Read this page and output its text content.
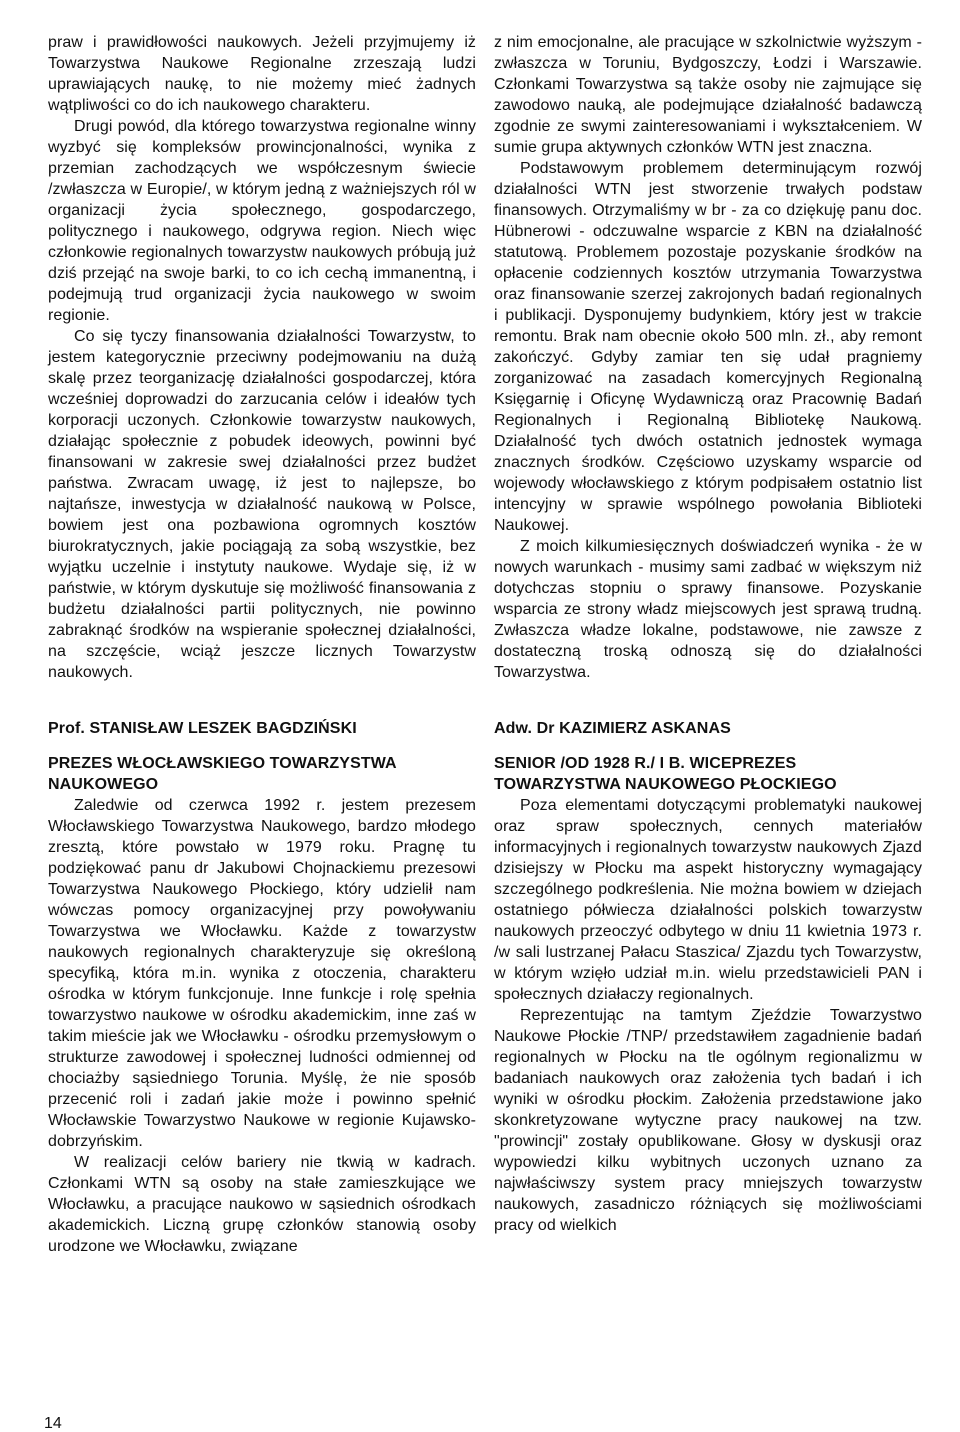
praw i prawidłowości naukowych. Jeżeli przyjmujemy iż Towarzystwa Naukowe Regionalne zrzeszają ludzi uprawiających naukę, to nie możemy mieć żadnych wątpliwości co do ich naukowego charakteru.

Drugi powód, dla którego towarzystwa regionalne winny wyzbyć się kompleksów prowincjonalności, wynika z przemian zachodzących we współczesnym świecie /zwłaszcza w Europie/, w którym jedną z ważniejszych ról w organizacji życia społecznego, gospodarczego, politycznego i naukowego, odgrywa region. Niech więc członkowie regionalnych towarzystw naukowych próbują już dziś przejąć na swoje barki, to co ich cechą immanentną, i podejmują trud organizacji życia naukowego w swoim regionie.

Co się tyczy finansowania działalności Towarzystw, to jestem kategorycznie przeciwny podejmowaniu na dużą skalę przez teorganizację działalności gospodarczej, która wcześniej doprowadzi do zarzucania celów i ideałów tych korporacji uczonych. Członkowie towarzystw naukowych, działając społecznie z pobudek ideowych, powinni być finansowani w zakresie swej działalności przez budżet państwa. Zwracam uwagę, iż jest to najlepsze, bo najtańsze, inwestycja w działalność naukową w Polsce, bowiem jest ona pozbawiona ogromnych kosztów biurokratycznych, jakie pociągają za sobą wszystkie, bez wyjątku uczelnie i instytuty naukowe. Wydaje się, iż w państwie, w którym dyskutuje się możliwość finansowania z budżetu działalności partii politycznych, nie powinno zabraknąć środków na wspieranie społecznej działalności, na szczęście, wciąż jeszcze licznych Towarzystw naukowych.

Prof. STANISŁAW LESZEK BAGDZIŃSKI

PREZES WŁOCŁAWSKIEGO TOWARZYSTWA NAUKOWEGO

Zaledwie od czerwca 1992 r. jestem prezesem Włocławskiego Towarzystwa Naukowego, bardzo młodego zresztą, które powstało w 1979 roku. Pragnę tu podziękować panu dr Jakubowi Chojnackiemu prezesowi Towarzystwa Naukowego Płockiego, który udzielił nam wówczas pomocy organizacyjnej przy powoływaniu Towarzystwa we Włocławku. Każde z towarzystw naukowych regionalnych charakteryzuje się określoną specyfiką, która m.in. wynika z otoczenia, charakteru ośrodka w którym funkcjonuje. Inne funkcje i rolę spełnia towarzystwo naukowe w ośrodku akademickim, inne zaś w takim mieście jak we Włocławku - ośrodku przemysłowym o strukturze zawodowej i społecznej ludności odmiennej od chociażby sąsiedniego Torunia. Myślę, że nie sposób przecenić roli i zadań jakie może i powinno spełnić Włocławskie Towarzystwo Naukowe w regionie Kujawsko-dobrzyńskim.

W realizacji celów bariery nie tkwią w kadrach. Członkami WTN są osoby na stałe zamieszkujące we Włocławku, a pracujące naukowo w sąsiednich ośrodkach akademickich. Liczną grupę członków stanowią osoby urodzone we Włocławku, związane

z nim emocjonalne, ale pracujące w szkolnictwie wyższym - zwłaszcza w Toruniu, Bydgoszczy, Łodzi i Warszawie. Członkami Towarzystwa są także osoby nie zajmujące się zawodowo nauką, ale podejmujące działalność badawczą zgodnie ze swymi zainteresowaniami i wykształceniem. W sumie grupa aktywnych członków WTN jest znaczna.

Podstawowym problemem determinującym rozwój działalności WTN jest stworzenie trwałych podstaw finansowych. Otrzymaliśmy w br - za co dziękuję panu doc. Hübnerowi - odczuwalne wsparcie z KBN na działalność statutową. Problemem pozostaje pozyskanie środków na opłacenie codziennych kosztów utrzymania Towarzystwa oraz finansowanie szerzej zakrojonych badań regionalnych i publikacji. Dysponujemy budynkiem, który jest w trakcie remontu. Brak nam obecnie około 500 mln. zł., aby remont zakończyć. Gdyby zamiar ten się udał pragniemy zorganizować na zasadach komercyjnych Regionalną Księgarnię i Oficynę Wydawniczą oraz Pracownię Badań Regionalnych i Regionalną Bibliotekę Naukową. Działalność tych dwóch ostatnich jednostek wymaga znacznych środków. Częściowo uzyskamy wsparcie od wojewody włocławskiego z którym podpisałem ostatnio list intencyjny w sprawie wspólnego powołania Biblioteki Naukowej.

Z moich kilkumiesięcznych doświadczeń wynika - że w nowych warunkach - musimy sami zadbać w większym niż dotychczas stopniu o sprawy finansowe. Pozyskanie wsparcia ze strony władz miejscowych jest sprawą trudną. Zwłaszcza władze lokalne, podstawowe, nie zawsze z dostateczną troską odnoszą się do działalności Towarzystwa.

Adw. Dr KAZIMIERZ ASKANAS

SENIOR /OD 1928 R./ I B. WICEPREZES TOWARZYSTWA NAUKOWEGO PŁOCKIEGO

Poza elementami dotyczącymi problematyki naukowej oraz spraw społecznych, cennych materiałów informacyjnych i regionalnych towarzystw naukowych Zjazd dzisiejszy w Płocku ma aspekt historyczny wymagający szczególnego podkreślenia. Nie można bowiem w dziejach ostatniego półwiecza działalności polskich towarzystw naukowych przeoczyć odbytego w dniu 11 kwietnia 1973 r. /w sali lustrzanej Pałacu Staszica/ Zjazdu tych Towarzystw, w którym wzięło udział m.in. wielu przedstawicieli PAN i społecznych działaczy regionalnych.

Reprezentując na tamtym Zjeździe Towarzystwo Naukowe Płockie /TNP/ przedstawiłem zagadnienie badań regionalnych w Płocku na tle ogólnym regionalizmu w badaniach naukowych oraz założenia tych badań i ich wyniki w ośrodku płockim. Założenia przedstawione jako skonkretyzowane wytyczne pracy naukowej na tzw. "prowincji" zostały opublikowane. Głosy w dyskusji oraz wypowiedzi kilku wybitnych uczonych uznano za najwłaściwszy system pracy mniejszych towarzystw naukowych, zasadniczo różniących się możliwościami pracy od wielkich

14
